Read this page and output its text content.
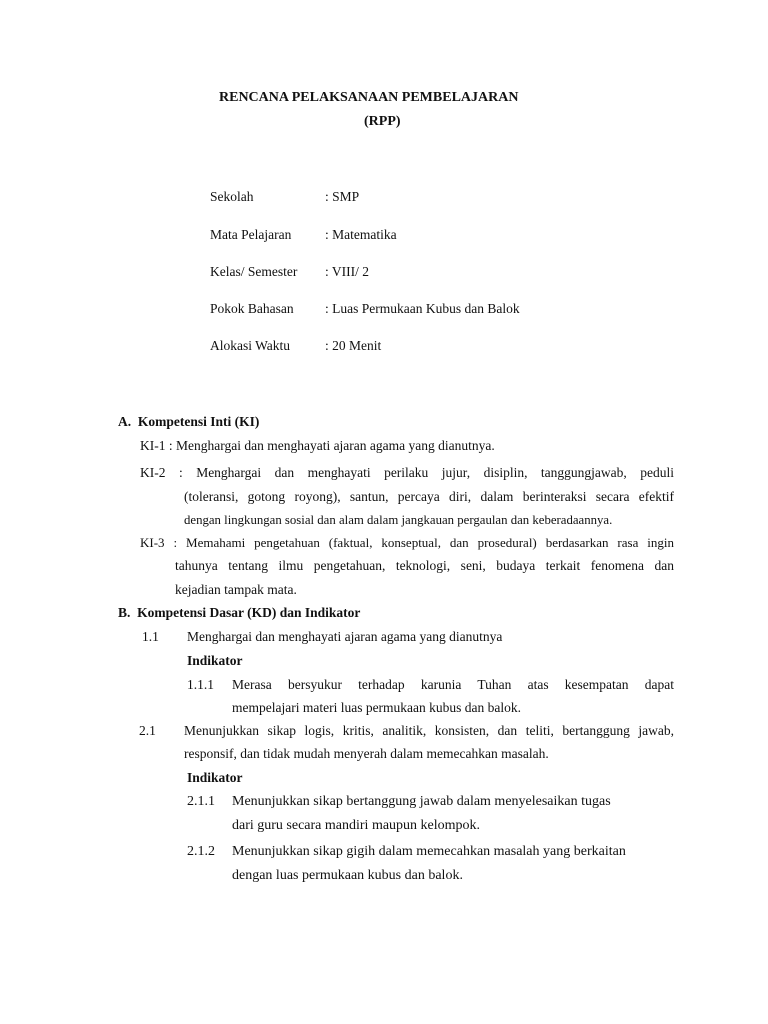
RENCANA PELAKSANAAN PEMBELAJARAN
(RPP)
Sekolah	: SMP
Mata Pelajaran : Matematika
Kelas/ Semester : VIII/ 2
Pokok Bahasan : Luas Permukaan Kubus dan Balok
Alokasi Waktu	: 20 Menit
A.  Kompetensi Inti (KI)
KI-1 : Menghargai dan menghayati ajaran agama yang dianutnya.
KI-2 : Menghargai dan menghayati perilaku jujur, disiplin, tanggungjawab, peduli
(toleransi, gotong royong), santun, percaya diri, dalam berinteraksi secara efektif
dengan lingkungan sosial dan alam dalam jangkauan pergaulan dan keberadaannya.
KI-3 : Memahami pengetahuan (faktual, konseptual, dan prosedural) berdasarkan rasa ingin
tahunya tentang ilmu pengetahuan, teknologi, seni, budaya terkait fenomena dan
kejadian tampak mata.
B.  Kompetensi Dasar (KD) dan Indikator
1.1 Menghargai dan menghayati ajaran agama yang dianutnya
Indikator
1.1.1 Merasa bersyukur terhadap karunia Tuhan atas kesempatan dapat
mempelajari materi luas permukaan kubus dan balok.
2.1 Menunjukkan sikap logis, kritis, analitik, konsisten, dan teliti, bertanggung jawab,
responsif, dan tidak mudah menyerah dalam memecahkan masalah.
Indikator
2.1.1 Menunjukkan sikap bertanggung jawab dalam menyelesaikan tugas
dari guru secara mandiri maupun kelompok.
2.1.2 Menunjukkan sikap gigih dalam memecahkan masalah yang berkaitan
dengan luas permukaan kubus dan balok.
